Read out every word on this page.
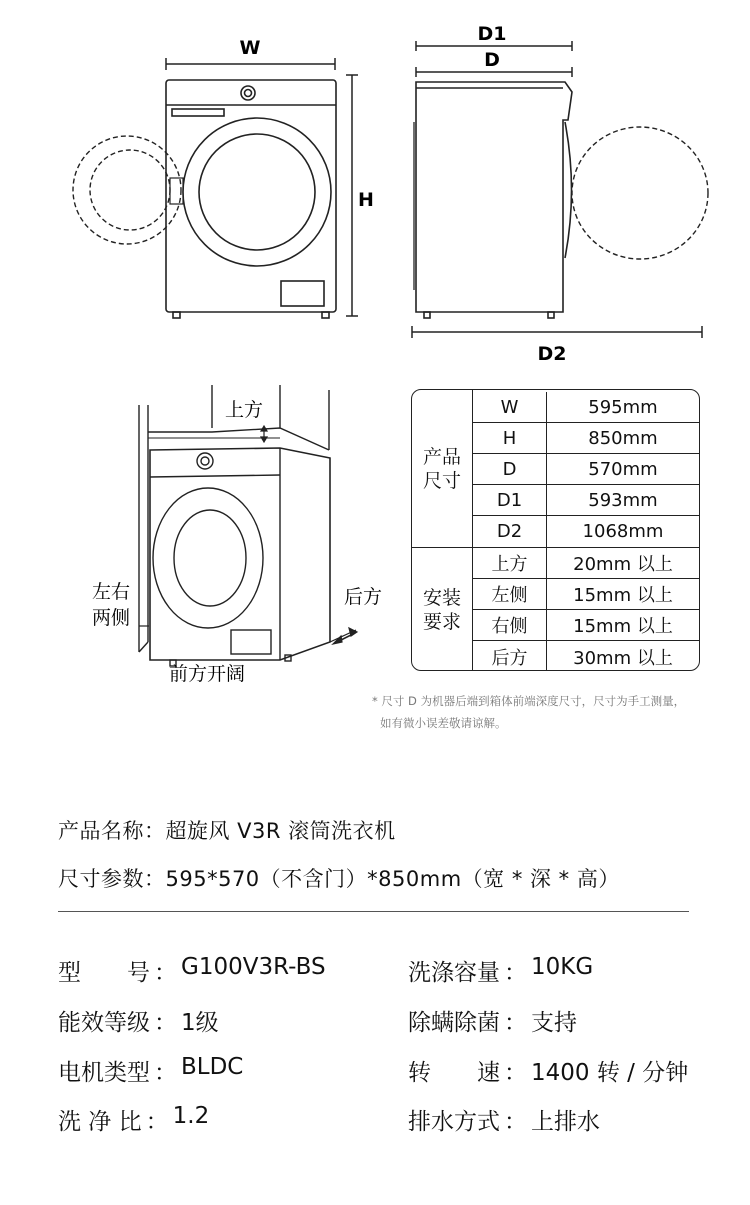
W
H
D1
D
D2
上方
左右
两侧
后方
前方开阔
产品
尺寸
安装
要求
W	595mm
H	850mm
D	570mm
D1	593mm
D2	1068mm
上方	20mm 以上
左侧	15mm 以上
右侧	15mm 以上
后方	30mm 以上
* 尺寸 D 为机器后端到箱体前端深度尺寸，尺寸为手工测量，
如有微小误差敬请谅解。
产品名称：超旋风 V3R 滚筒洗衣机
尺寸参数：595*570（不含门）*850mm（宽 * 深 * 高）
型　　号 ： G100V3R-BS	洗涤容量 ： 10KG
能效等级 ： 1级	除螨除菌 ： 支持
电机类型 ： BLDC	转　　速 ： 1400 转 / 分钟
洗 净 比 ： 1.2	排水方式 ： 上排水
